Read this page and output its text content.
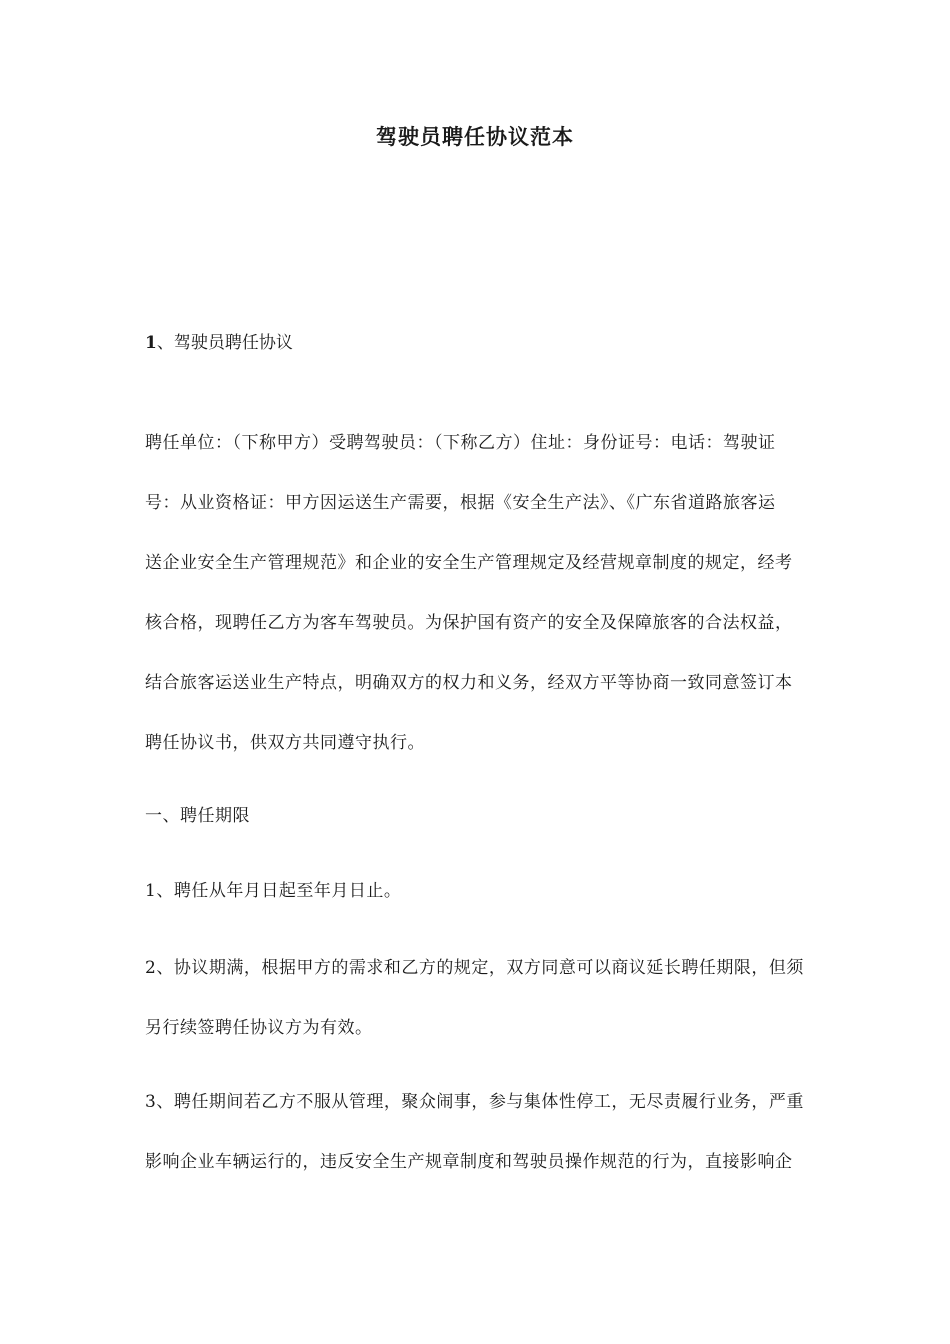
驾驶员聘任协议范本
1、驾驶员聘任协议
聘任单位：（下称甲方）受聘驾驶员：（下称乙方）住址：身份证号：电话：驾驶证
号：从业资格证：甲方因运送生产需要，根据《安全生产法》、《广东省道路旅客运
送企业安全生产管理规范》和企业的安全生产管理规定及经营规章制度的规定，经考
核合格，现聘任乙方为客车驾驶员。为保护国有资产的安全及保障旅客的合法权益，
结合旅客运送业生产特点，明确双方的权力和义务，经双方平等协商一致同意签订本
聘任协议书，供双方共同遵守执行。
一、聘任期限
1、聘任从年月日起至年月日止。
2、协议期满，根据甲方的需求和乙方的规定，双方同意可以商议延长聘任期限，但须
另行续签聘任协议方为有效。
3、聘任期间若乙方不服从管理，聚众闹事，参与集体性停工，无尽责履行业务，严重
影响企业车辆运行的，违反安全生产规章制度和驾驶员操作规范的行为，直接影响企
